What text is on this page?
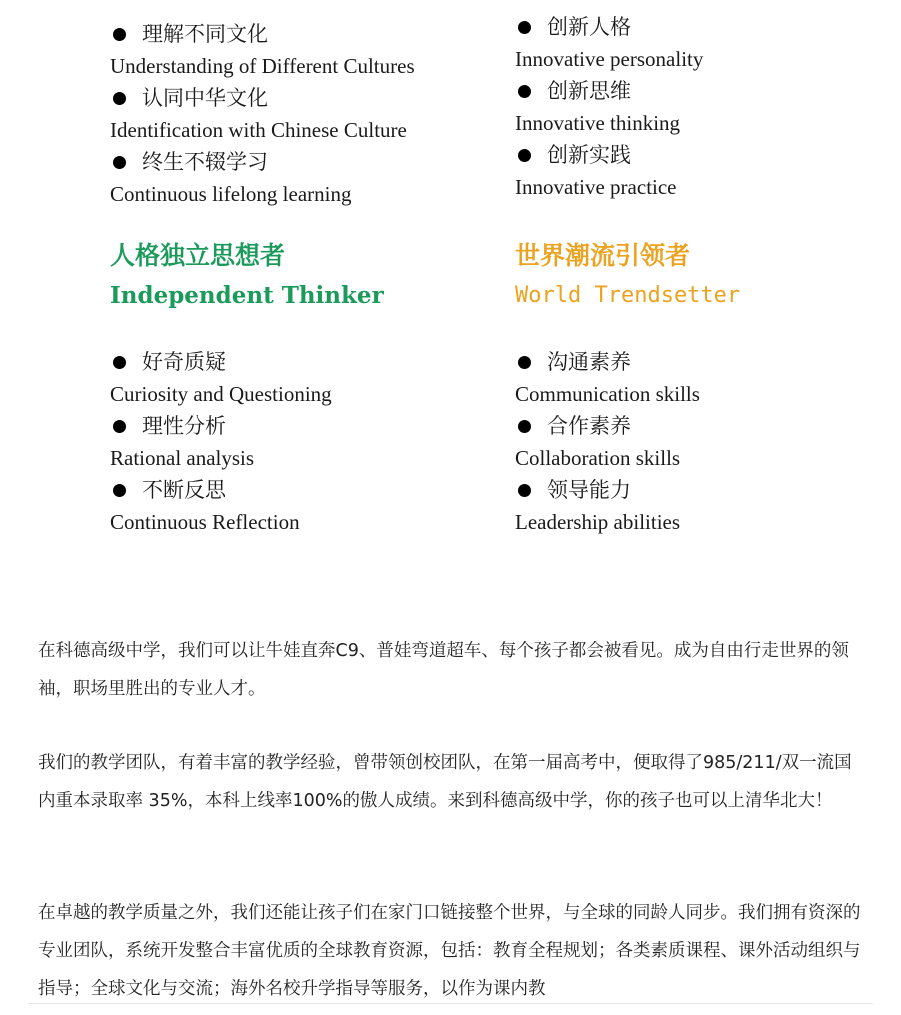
理解不同文化
Understanding of Different Cultures
认同中华文化
Identification with Chinese Culture
终生不辍学习
Continuous lifelong learning
创新人格
Innovative personality
创新思维
Innovative thinking
创新实践
Innovative practice
人格独立思想者
Independent Thinker
世界潮流引领者
World Trendsetter
好奇质疑
Curiosity and Questioning
理性分析
Rational analysis
不断反思
Continuous Reflection
沟通素养
Communication skills
合作素养
Collaboration skills
领导能力
Leadership abilities

在科德高级中学，我们可以让牛娃直奔C9、普娃弯道超车、每个孩子都会被看见。成为自由行走世界的领袖，职场里胜出的专业人才。

我们的教学团队，有着丰富的教学经验，曾带领创校团队，在第一届高考中，便取得了985/211/双一流国内重本录取率 35%，本科上线率100%的傲人成绩。来到科德高级中学，你的孩子也可以上清华北大！

在卓越的教学质量之外，我们还能让孩子们在家门口链接整个世界，与全球的同龄人同步。我们拥有资深的专业团队，系统开发整合丰富优质的全球教育资源，包括：教育全程规划；各类素质课程、课外活动组织与指导；全球文化与交流；海外名校升学指导等服务，以作为课内教
